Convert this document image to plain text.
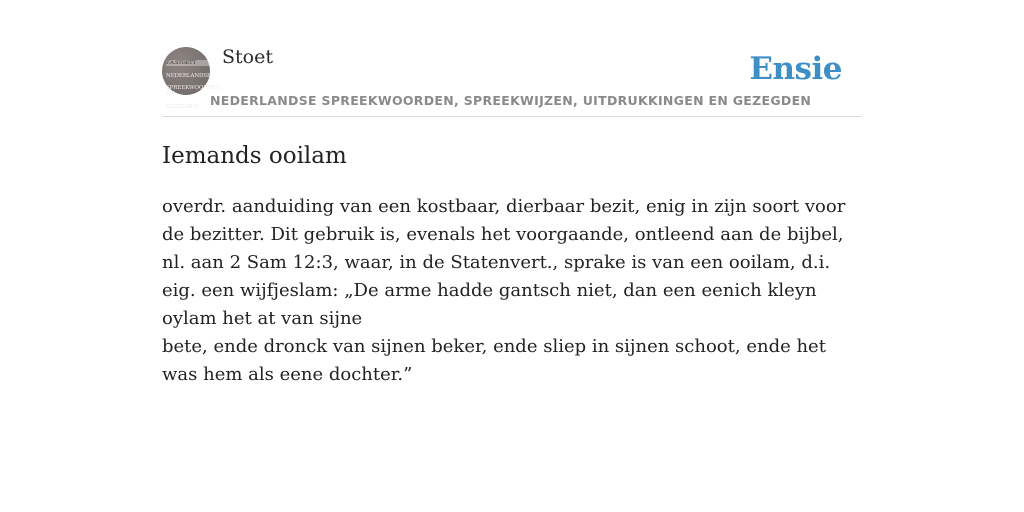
F.A.STOETT

NEDERLANDSE

SPREEKWOORDEN EN

GEZEGDEN

Stoet
NEDERLANDSE SPREEKWOORDEN, SPREEKWIJZEN, UITDRUKKINGEN EN GEZEGDEN
Ensie
Iemands ooilam
overdr. aanduiding van een kostbaar, dierbaar bezit, enig in zijn soort voor de bezitter. Dit gebruik is, evenals het voorgaande, ontleend aan de bijbel, nl. aan 2 Sam 12:3, waar, in de Statenvert., sprake is van een ooilam, d.i. eig. een wijfjeslam: „De arme hadde gantsch niet, dan een eenich kleyn oylam het at van sijne
bete, ende dronck van sijnen beker, ende sliep in sijnen schoot, ende het was hem als eene dochter.”
